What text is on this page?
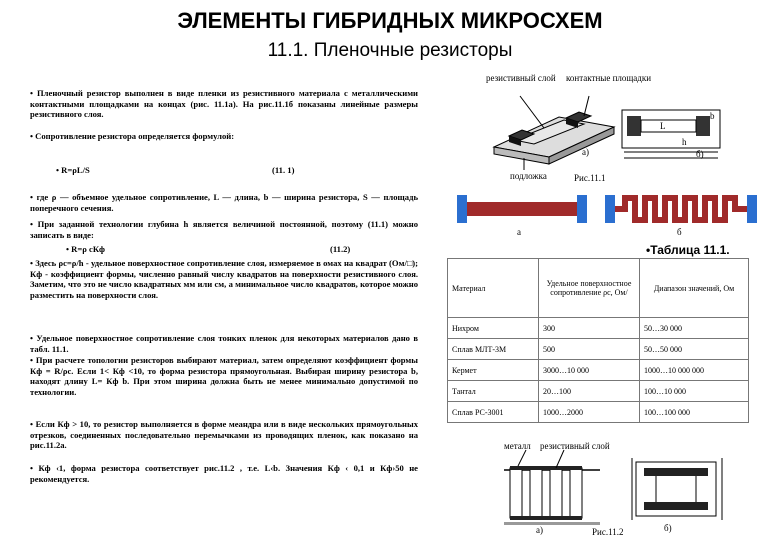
ЭЛЕМЕНТЫ ГИБРИДНЫХ МИКРОСХЕМ
11.1. Пленочные резисторы
• Пленочный резистор выполнен в виде пленки из резистивного материала с металлическими контактными площадками на концах (рис. 11.1а). На рис.11.1б показаны линейные размеры резистивного слоя.
• Сопротивление резистора определяется формулой:
• R=ρL/S	(11. 1)
• где ρ — объемное удельное сопротивление, L — длина, b — ширина резистора, S — площадь поперечного сечения.
• При заданной технологии глубина h является величиной постоянной, поэтому (11.1) можно записать в виде:
• R=ρ cКф	(11.2)
• Здесь ρc=ρ/h - удельное поверхностное сопротивление слоя, измеряемое в омах на квадрат (Ом/□); Кф - коэффициент формы, численно равный числу квадратов на поверхности резистивного слоя. Заметим, что это не число квадратных мм или см, а минимальное число квадратов, которое можно разместить на поверхности слоя.
• Удельное поверхностное сопротивление слоя тонких пленок для некоторых материалов дано в табл. 11.1.
• При расчете топологии резисторов выбирают материал, затем определяют коэффициент формы Кф = R/ρс. Если 1< Кф <10, то форма резистора прямоугольная. Выбирая ширину резистора b, находят длину L= Кф b. При этом ширина должна быть не менее минимально допустимой по технологии.
• Если Кф > 10, то резистор выполняется в форме меандра или в виде нескольких прямоугольных отрезков, соединенных последовательно перемычками из проводящих пленок, как показано на рис.11.2а.
• Кф ‹1, форма резистора соответствует рис.11.2 , т.е. L‹b. Значения Кф ‹ 0,1 и Кф›50 не рекомендуется.
резистивный слой контактные площадки
подложка
а)	б)
L
b
h
Рис.11.1
а	б
•Таблица 11.1.
Материал	Удельное поверхностное сопротивление ρс, Ом/	Диапазон значений, Ом
Нихром	300	50…30 000
Сплав МЛТ-3М	500	50…50 000
Кермет	3000…10 000	1000…10 000 000
Тантал	20…100	100…10 000
Сплав РС-3001	1000…2000	100…100 000
металл резистивный слой
а)	б)
Рис.11.2
